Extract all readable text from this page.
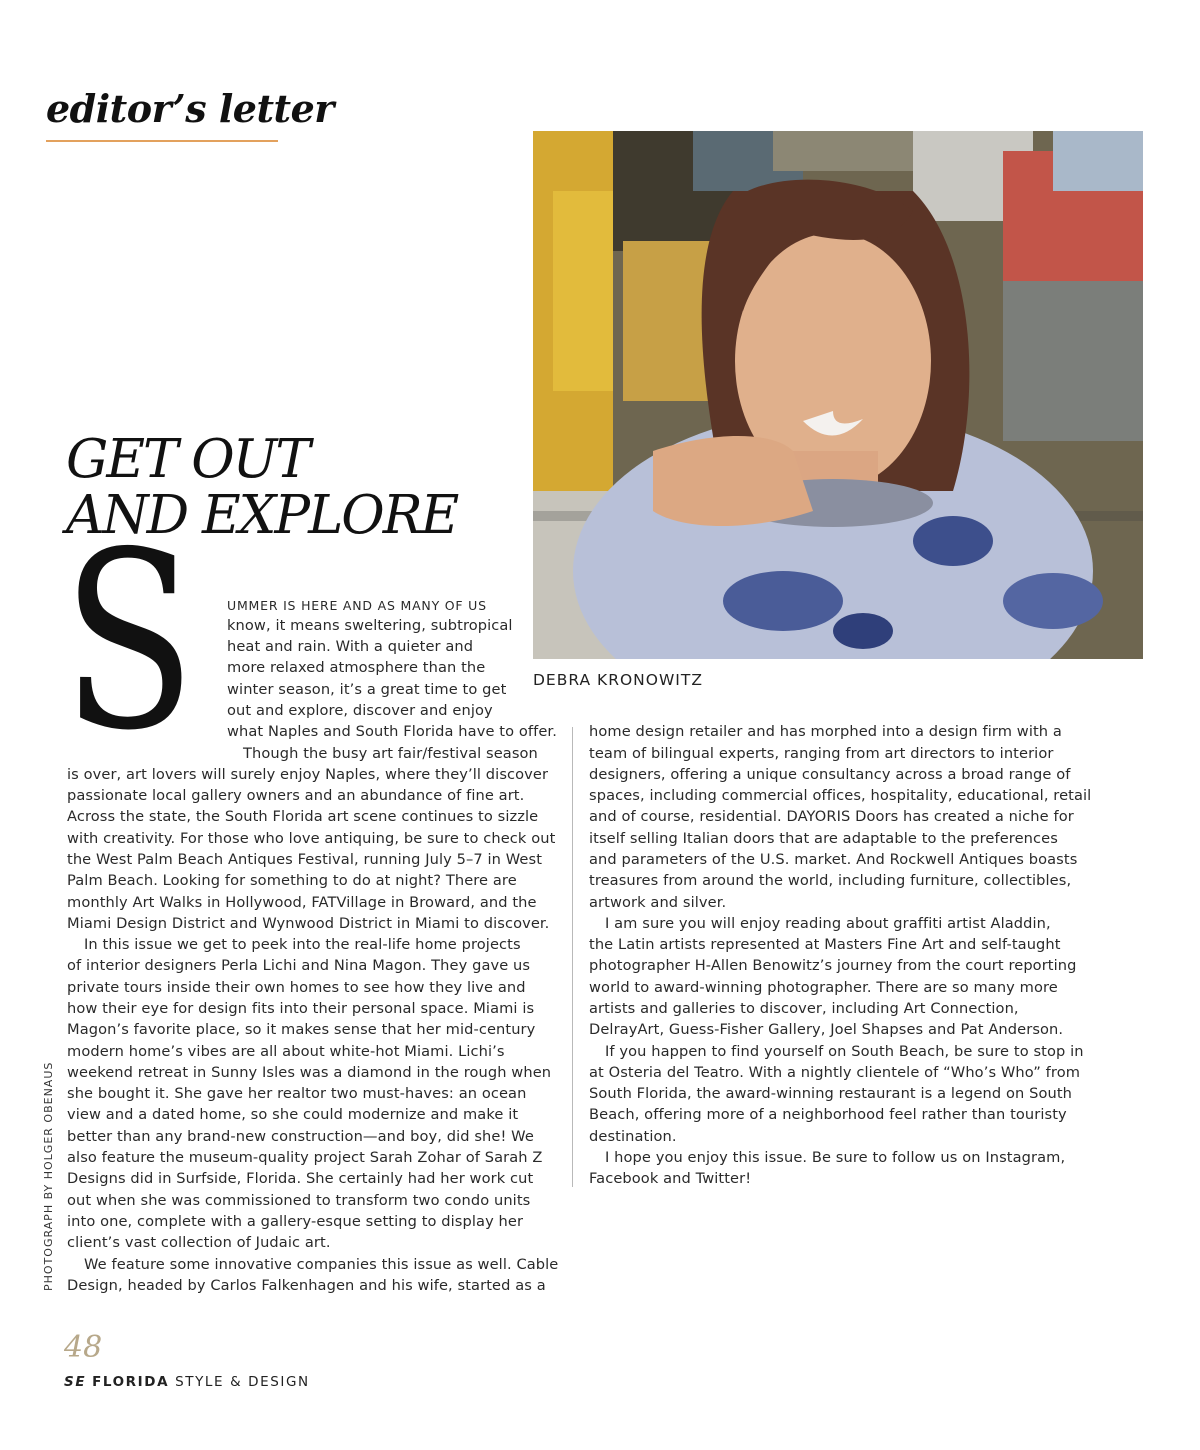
editor’s letter
DEBRA KRONOWITZ
GET OUT
AND EXPLORE
S	UMMER IS HERE AND AS MANY OF US
know, it means sweltering, subtropical
heat and rain. With a quieter and
more relaxed atmosphere than the
winter season, it’s a great time to get
out and explore, discover and enjoy
what Naples and South Florida have to offer.
Though the busy art fair/festival season
is over, art lovers will surely enjoy Naples, where they’ll discover
passionate local gallery owners and an abundance of fine art.
Across the state, the South Florida art scene continues to sizzle
with creativity. For those who love antiquing, be sure to check out
the West Palm Beach Antiques Festival, running July 5–7 in West
Palm Beach. Looking for something to do at night? There are
monthly Art Walks in Hollywood, FATVillage in Broward, and the
Miami Design District and Wynwood District in Miami to discover.
In this issue we get to peek into the real-life home projects
of interior designers Perla Lichi and Nina Magon. They gave us
private tours inside their own homes to see how they live and
how their eye for design fits into their personal space. Miami is
Magon’s favorite place, so it makes sense that her mid-century
modern home’s vibes are all about white-hot Miami. Lichi’s
weekend retreat in Sunny Isles was a diamond in the rough when
she bought it. She gave her realtor two must-haves: an ocean
view and a dated home, so she could modernize and make it
better than any brand-new construction—and boy, did she! We
also feature the museum-quality project Sarah Zohar of Sarah Z
Designs did in Surfside, Florida. She certainly had her work cut
out when she was commissioned to transform two condo units
into one, complete with a gallery-esque setting to display her
client’s vast collection of Judaic art.
We feature some innovative companies this issue as well. Cable
Design, headed by Carlos Falkenhagen and his wife, started as a
home design retailer and has morphed into a design firm with a
team of bilingual experts, ranging from art directors to interior
designers, offering a unique consultancy across a broad range of
spaces, including commercial offices, hospitality, educational, retail
and of course, residential. DAYORIS Doors has created a niche for
itself selling Italian doors that are adaptable to the preferences
and parameters of the U.S. market. And Rockwell Antiques boasts
treasures from around the world, including furniture, collectibles,
artwork and silver.
I am sure you will enjoy reading about graffiti artist Aladdin,
the Latin artists represented at Masters Fine Art and self-taught
photographer H-Allen Benowitz’s journey from the court reporting
world to award-winning photographer. There are so many more
artists and galleries to discover, including Art Connection,
DelrayArt, Guess-Fisher Gallery, Joel Shapses and Pat Anderson.
If you happen to find yourself on South Beach, be sure to stop in
at Osteria del Teatro. With a nightly clientele of “Who’s Who” from
South Florida, the award-winning restaurant is a legend on South
Beach, offering more of a neighborhood feel rather than touristy
destination.
I hope you enjoy this issue. Be sure to follow us on Instagram,
Facebook and Twitter!
PHOTOGRAPH BY HOLGER OBENAUS
48
SE FLORIDA STYLE & DESIGN
